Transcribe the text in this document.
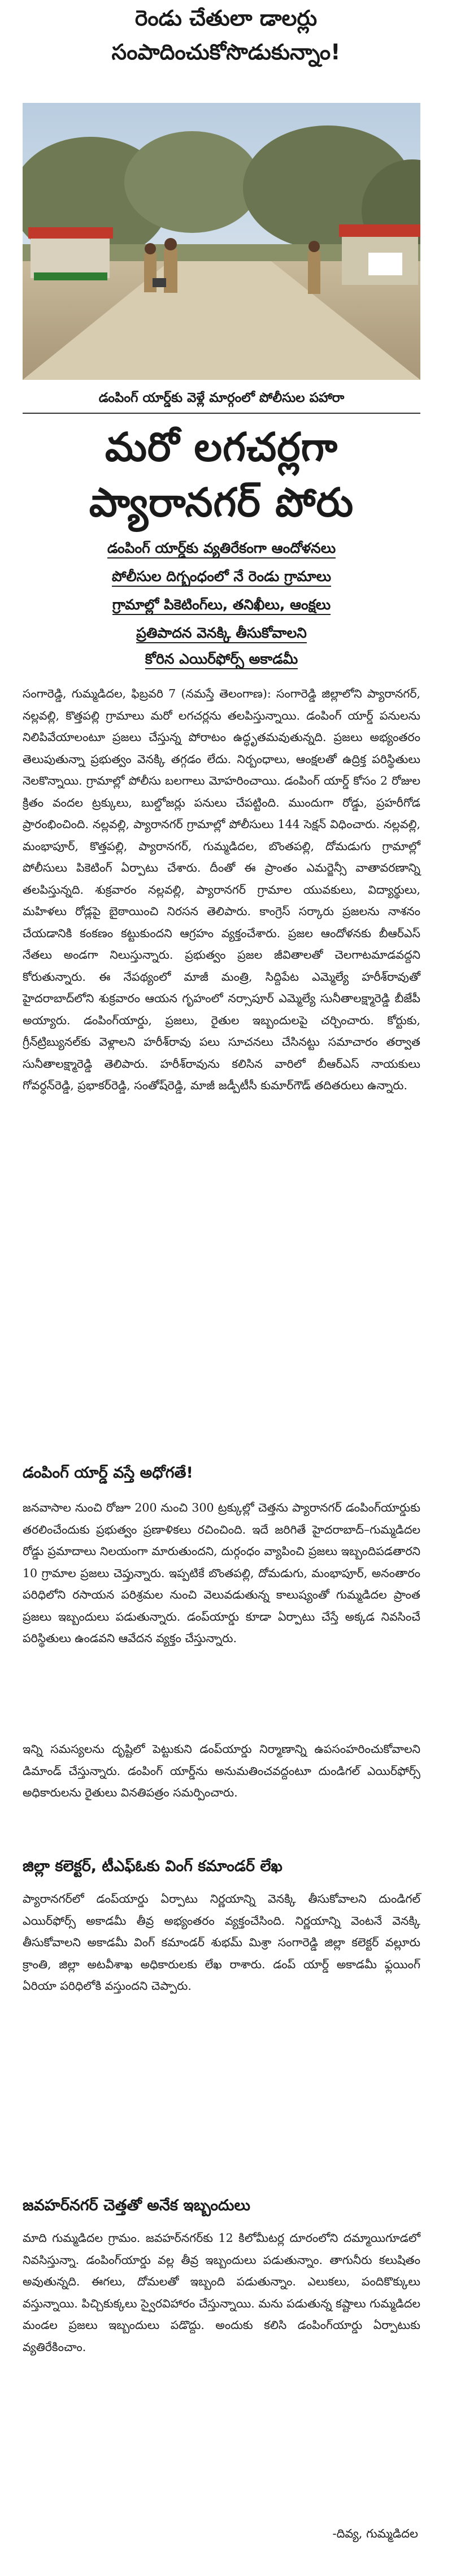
రెండు చేతులా డాలర్లు
సంపాదించుకోసొడుకున్నాం!
డంపింగ్ యార్డ్‌కు వెళ్లే మార్గంలో పోలీసుల పహారా
మరో లగచర్లగా
ప్యారానగర్ పోరు
డంపింగ్ యార్డ్‌కు వ్యతిరేకంగా ఆందోళనలు
పోలీసుల దిగ్బంధంలో నే రెండు గ్రామాలు
గ్రామాల్లో పికెటింగ్‌లు, తనిఖీలు, ఆంక్షలు
ప్రతిపాదన వెనక్కి తీసుకోవాలని
కోరిన ఎయిర్‌ఫోర్స్ అకాడమీ

సంగారెడ్డి, గుమ్మడిదల, ఫిబ్రవరి 7 (నమస్తే తెలంగాణ): సంగారెడ్డి జిల్లాలోని ప్యారానగర్, నల్లవల్లి, కొత్తపల్లి గ్రామాలు మరో లగచర్లను తలపిస్తున్నాయి. డంపింగ్ యార్డ్ పనులను నిలిపివేయాలంటూ ప్రజలు చేస్తున్న పోరాటం ఉద్ధృతమవుతున్నది. ప్రజలు అభ్యంతరం తెలుపుతున్నా ప్రభుత్వం వెనక్కి తగ్గడం లేదు. నిర్బంధాలు, ఆంక్షలతో ఉద్రిక్త పరిస్థితులు నెలకొన్నాయి. గ్రామాల్లో పోలీసు బలగాలు మోహరించాయి. డంపింగ్ యార్డ్ కోసం 2 రోజుల క్రితం వందల ట్రక్కులు, బుల్డోజర్లు పనులు చేపట్టింది. ముందుగా రోడ్డు, ప్రహరీగోడ ప్రారంభించింది. నల్లవల్లి, ప్యారానగర్ గ్రామాల్లో పోలీసులు 144 సెక్షన్ విధించారు. నల్లవల్లి, మంభాపూర్, కొత్తపల్లి, ప్యారానగర్, గుమ్మడిదల, బొంతపల్లి, దోమడుగు గ్రామాల్లో పోలీసులు పికెటింగ్ ఏర్పాటు చేశారు. దీంతో ఈ ప్రాంతం ఎమర్జెన్సీ వాతావరణాన్ని తలపిస్తున్నది. శుక్రవారం నల్లవల్లి, ప్యారానగర్ గ్రామాల యువకులు, విద్యార్థులు, మహిళలు రోడ్లపై బైఠాయించి నిరసన తెలిపారు. కాంగ్రెస్ సర్కారు ప్రజలను నాశనం చేయడానికి కంకణం కట్టుకుందని ఆగ్రహం వ్యక్తంచేశారు. ప్రజల ఆందోళనకు బీఆర్ఎస్ నేతలు అండగా నిలుస్తున్నారు. ప్రభుత్వం ప్రజల జీవితాలతో చెలగాటమాడవద్దని కోరుతున్నారు. ఈ నేపథ్యంలో మాజీ మంత్రి, సిద్దిపేట ఎమ్మెల్యే హరీశ్‌రావుతో హైదరాబాద్‌లోని శుక్రవారం ఆయన గృహంలో నర్సాపూర్ ఎమ్మెల్యే సునీతాలక్ష్మారెడ్డి బీజేపీ అయ్యారు. డంపింగ్‌యార్డు, ప్రజలు, రైతుల ఇబ్బందులపై చర్చించారు. కోర్టుకు, గ్రీన్‌ట్రిబ్యునల్‌కు వెళ్లాలని హరీశ్‌రావు పలు సూచనలు చేసినట్టు సమాచారం తర్వాత సునీతాలక్ష్మారెడ్డి తెలిపారు. హరీశ్‌రావును కలిసిన వారిలో బీఆర్ఎస్ నాయకులు గోవర్ధన్‌రెడ్డి, ప్రభాకర్‌రెడ్డి, సంతోష్‌రెడ్డి, మాజీ జడ్పీటీసీ కుమార్‌గౌడ్ తదితరులు ఉన్నారు.

డంపింగ్ యార్డ్ వస్తే అధోగతే!

జనవాసాల నుంచి రోజూ 200 నుంచి 300 ట్రక్కుల్లో చెత్తను ప్యారానగర్ డంపింగ్‌యార్డుకు తరలించేందుకు ప్రభుత్వం ప్రణాళికలు రచించింది. ఇదే జరిగితే హైదరాబాద్–గుమ్మడిదల రోడ్డు ప్రమాదాలు నిలయంగా మారుతుందని, దుర్గంధం వ్యాపించి ప్రజలు ఇబ్బందిపడతారని 10 గ్రామాల ప్రజలు చెప్తున్నారు. ఇప్పటికే బొంతపల్లి, దోమడుగు, మంభాపూర్, అనంతారం పరిధిలోని రసాయన పరిశ్రమల నుంచి వెలువడుతున్న కాలుష్యంతో గుమ్మడిదల ప్రాంత ప్రజలు ఇబ్బందులు పడుతున్నారు. డంప్‌యార్డు కూడా ఏర్పాటు చేస్తే అక్కడ నివసించే పరిస్థితులు ఉండవని ఆవేదన వ్యక్తం చేస్తున్నారు.

ఇన్ని సమస్యలను దృష్టిలో పెట్టుకుని డంప్‌యార్డు నిర్మాణాన్ని ఉపసంహరించుకోవాలని డిమాండ్ చేస్తున్నారు. డంపింగ్ యార్డ్‌ను అనుమతించవద్దంటూ దుండిగల్ ఎయిర్‌ఫోర్స్ అధికారులను రైతులు వినతిపత్రం సమర్పించారు.

జిల్లా కలెక్టర్, టీఎఫ్‌ఓకు వింగ్ కమాండర్ లేఖ

ప్యారానగర్‌లో డంప్‌యార్డు ఏర్పాటు నిర్ణయాన్ని వెనక్కి తీసుకోవాలని దుండిగల్ ఎయిర్‌ఫోర్స్ అకాడమీ తీవ్ర అభ్యంతరం వ్యక్తంచేసింది. నిర్ణయాన్ని వెంటనే వెనక్కి తీసుకోవాలని అకాడమీ వింగ్ కమాండర్ శుభమ్ మిశ్రా సంగారెడ్డి జిల్లా కలెక్టర్ వల్లూరు క్రాంతి, జిల్లా అటవీశాఖ అధికారులకు లేఖ రాశారు. డంప్ యార్డ్ అకాడమీ ఫ్లయింగ్ ఏరియా పరిధిలోకి వస్తుందని చెప్పారు.

జవహర్‌నగర్ చెత్తతో అనేక ఇబ్బందులు

మాది గుమ్మడిదల గ్రామం. జవహర్‌నగర్‌కు 12 కిలోమీటర్ల దూరంలోని దమ్మాయిగూడలో నివసిస్తున్నా. డంపింగ్‌యార్డు వల్ల తీవ్ర ఇబ్బందులు పడుతున్నాం. తాగునీరు కలుషితం అవుతున్నది. ఈగలు, దోమలతో ఇబ్బంది పడుతున్నాం. ఎలుకలు, పందికొక్కులు వస్తున్నాయి. పిచ్చికుక్కలు స్వైరవిహారం చేస్తున్నాయి. మను పడుతున్న కష్టాలు గుమ్మడిదల మండల ప్రజలు ఇబ్బందులు పడొద్దు. అందుకు కలిసి డంపింగ్‌యార్డు ఏర్పాటుకు వ్యతిరేకించాం.

-దివ్య, గుమ్మడిదల
